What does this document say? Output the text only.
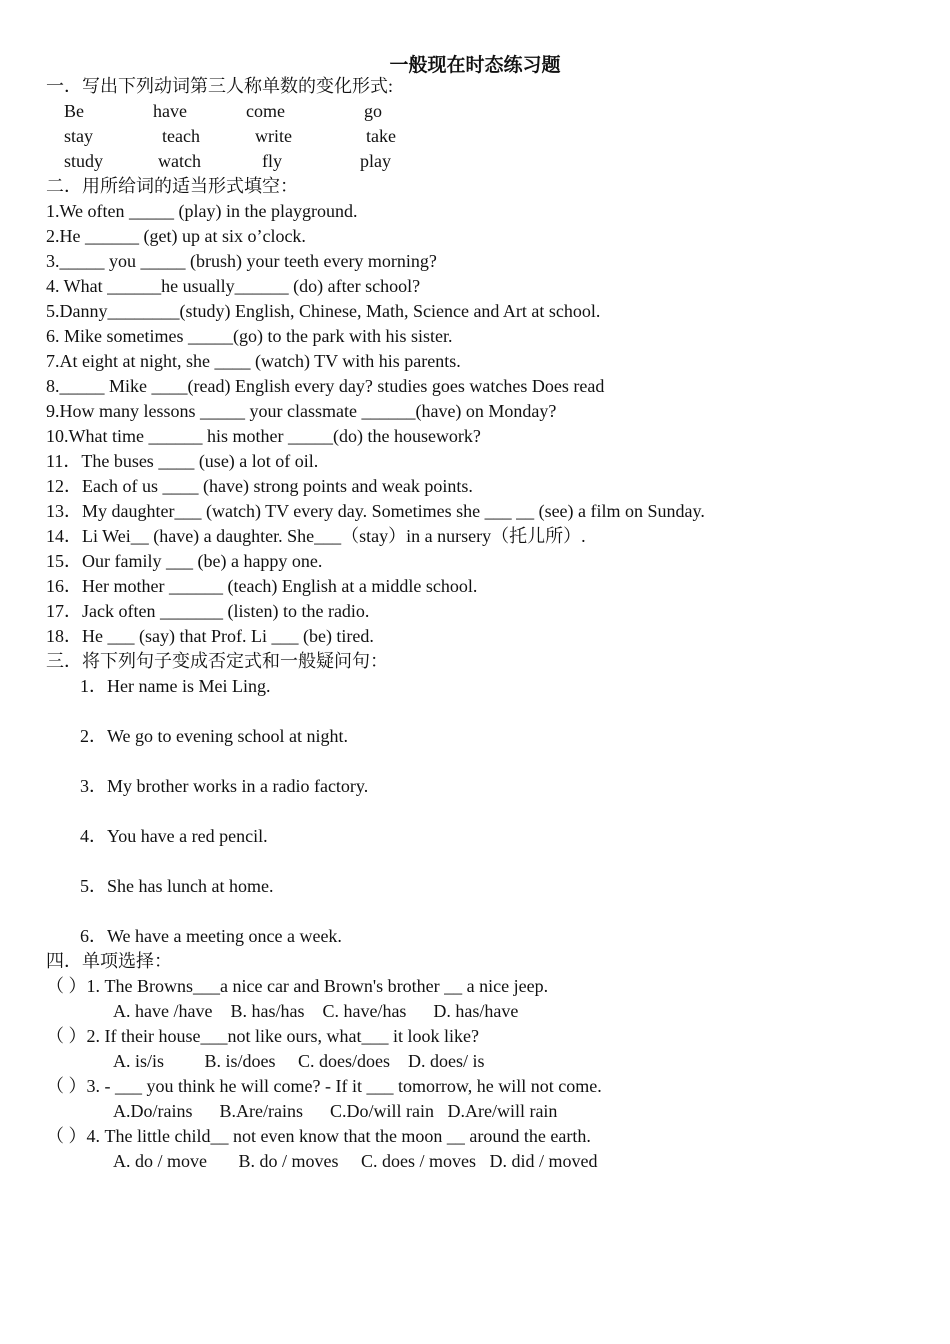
一般现在时态练习题
一．写出下列动词第三人称单数的变化形式:
Be	have	come	go
stay	teach	write	take
study	watch	fly	play
二．用所给词的适当形式填空：
1.We often _____ (play) in the playground.
2.He ______ (get) up at six o’clock.
3._____ you _____ (brush) your teeth every morning?
4. What ______he usually______ (do) after school?
5.Danny________(study) English, Chinese, Math, Science and Art at school.
6. Mike sometimes _____(go) to the park with his sister.
7.At eight at night, she ____ (watch) TV with his parents.
8._____ Mike ____(read) English every day? studies goes watches Does read
9.How many lessons _____ your classmate ______(have) on Monday?
10.What time ______ his mother _____(do) the housework?
11．The buses ____ (use) a lot of oil.
12．Each of us ____ (have) strong points and weak points.
13．My daughter___ (watch) TV every day. Sometimes she ___ __ (see) a film on Sunday.
14．Li Wei__ (have) a daughter. She___（stay）in a nursery（托儿所）.
15．Our family ___ (be) a happy one.
16．Her mother ______ (teach) English at a middle school.
17．Jack often _______ (listen) to the radio.
18．He ___ (say) that Prof. Li ___ (be) tired.
三．将下列句子变成否定式和一般疑问句：
1．Her name is Mei Ling.
2．We go to evening school at night.
3．My brother works in a radio factory.
4．You have a red pencil.
5．She has lunch at home.
6．We have a meeting once a week.
四．单项选择：
（ ）1. The Browns___a nice car and Brown's brother __ a nice jeep.
A. have /have    B. has/has    C. have/has      D. has/have
（ ）2. If their house___not like ours, what___ it look like?
A. is/is         B. is/does     C. does/does    D. does/ is
（ ）3. - ___ you think he will come? - If it ___ tomorrow, he will not come.
A.Do/rains      B.Are/rains      C.Do/will rain   D.Are/will rain
（ ）4. The little child__ not even know that the moon __ around the earth.
A. do / move       B. do / moves     C. does / moves   D. did / moved
